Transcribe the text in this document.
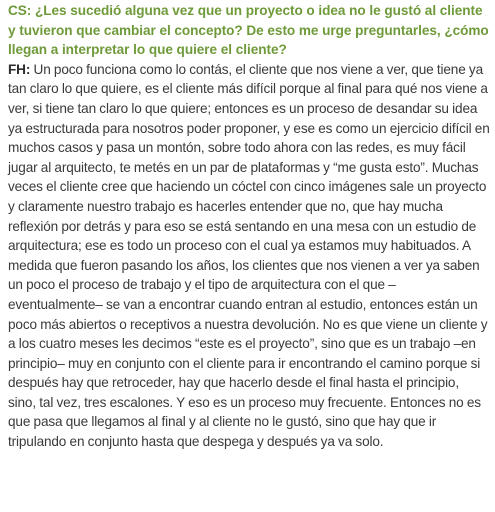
CS: ¿Les sucedió alguna vez que un proyecto o idea no le gustó al cliente y tuvieron que cambiar el concepto? De esto me urge preguntarles, ¿cómo llegan a interpretar lo que quiere el cliente?

FH: Un poco funciona como lo contás, el cliente que nos viene a ver, que tiene ya tan claro lo que quiere, es el cliente más difícil porque al final para qué nos viene a ver, si tiene tan claro lo que quiere; entonces es un proceso de desandar su idea ya estructurada para nosotros poder proponer, y ese es como un ejercicio difícil en muchos casos y pasa un montón, sobre todo ahora con las redes, es muy fácil jugar al arquitecto, te metés en un par de plataformas y “me gusta esto”. Muchas veces el cliente cree que haciendo un cóctel con cinco imágenes sale un proyecto y claramente nuestro trabajo es hacerles entender que no, que hay mucha reflexión por detrás y para eso se está sentando en una mesa con un estudio de arquitectura; ese es todo un proceso con el cual ya estamos muy habituados. A medida que fueron pasando los años, los clientes que nos vienen a ver ya saben un poco el proceso de trabajo y el tipo de arquitectura con el que –eventualmente– se van a encontrar cuando entran al estudio, entonces están un poco más abiertos o receptivos a nuestra devolución. No es que viene un cliente y a los cuatro meses les decimos “este es el proyecto”, sino que es un trabajo –en principio– muy en conjunto con el cliente para ir encontrando el camino porque si después hay que retroceder, hay que hacerlo desde el final hasta el principio, sino, tal vez, tres escalones. Y eso es un proceso muy frecuente. Entonces no es que pasa que llegamos al final y al cliente no le gustó, sino que hay que ir tripulando en conjunto hasta que despega y después ya va solo.
